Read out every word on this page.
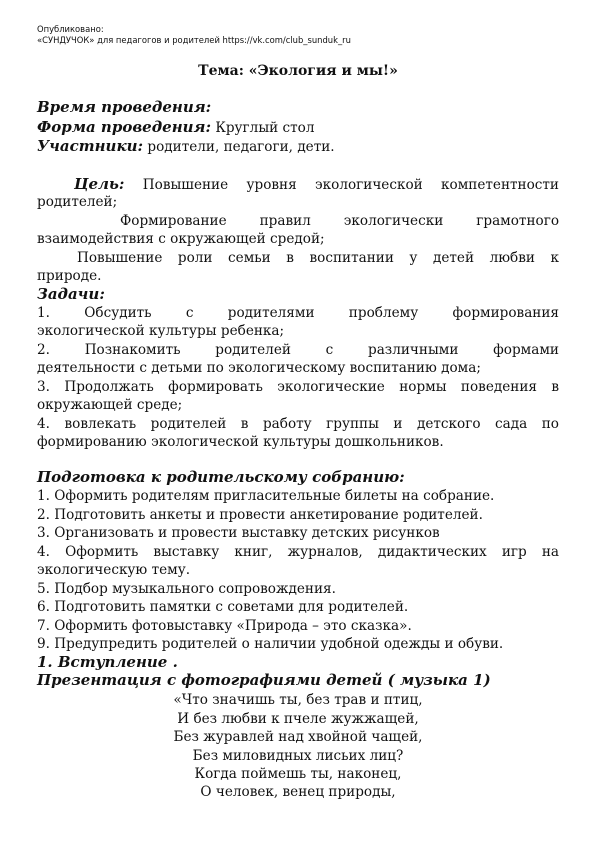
Опубликовано:
«СУНДУЧОК» для педагогов и родителей https://vk.com/club_sunduk_ru
Тема: «Экология и мы!»
Время проведения:
Форма проведения: Круглый стол
Участники: родители, педагоги, дети.
Цель: Повышение уровня экологической компетентности
родителей;
Формирование правил экологически грамотного
взаимодействия с окружающей средой;
Повышение роли семьи в воспитании у детей любви к
природе.
Задачи:
1. Обсудить с родителями проблему формирования
экологической культуры ребенка;
2. Познакомить родителей с различными формами
деятельности с детьми по экологическому воспитанию дома;
3. Продолжать формировать экологические нормы поведения в
окружающей среде;
4. вовлекать родителей в работу группы и детского сада по
формированию экологической культуры дошкольников.
Подготовка к родительскому собранию:
1. Оформить родителям пригласительные билеты на собрание.
2. Подготовить анкеты и провести анкетирование родителей.
3. Организовать и провести выставку детских рисунков
4. Оформить выставку книг, журналов, дидактических игр на
экологическую тему.
5. Подбор музыкального сопровождения.
6. Подготовить памятки с советами для родителей.
7. Оформить фотовыставку «Природа – это сказка».
9. Предупредить родителей о наличии удобной одежды и обуви.
1. Вступление .
Презентация с фотографиями детей ( музыка 1)
«Что значишь ты, без трав и птиц,
И без любви к пчеле жужжащей,
Без журавлей над хвойной чащей,
Без миловидных лисьих лиц?
Когда поймешь ты, наконец,
О человек, венец природы,
